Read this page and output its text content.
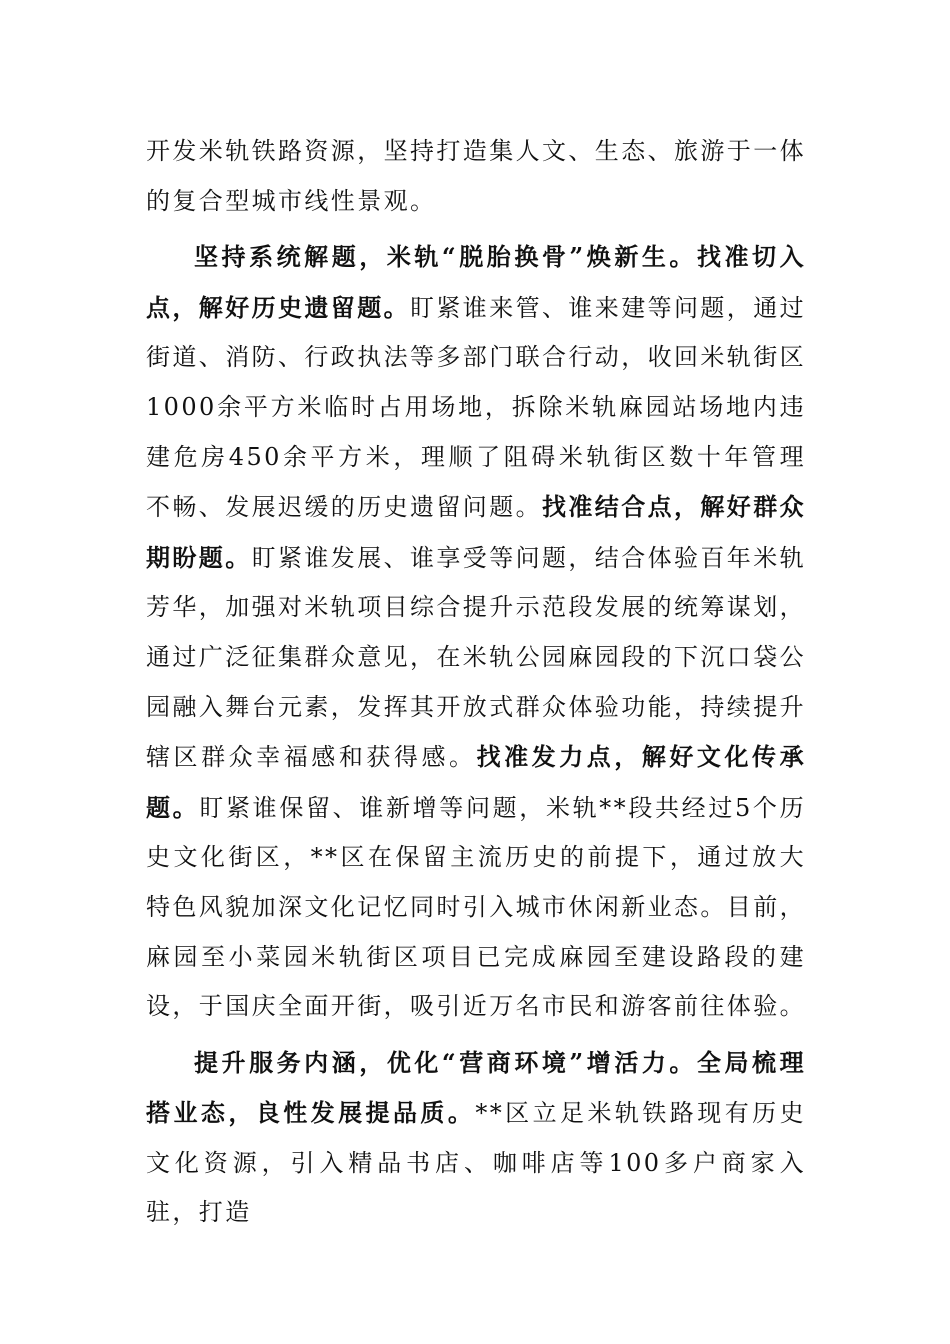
开发米轨铁路资源，坚持打造集人文、生态、旅游于一体的复合型城市线性景观。

坚持系统解题，米轨“脱胎换骨”焕新生。找准切入点，解好历史遗留题。盯紧谁来管、谁来建等问题，通过街道、消防、行政执法等多部门联合行动，收回米轨街区1000余平方米临时占用场地，拆除米轨麻园站场地内违建危房450余平方米，理顺了阻碍米轨街区数十年管理不畅、发展迟缓的历史遗留问题。找准结合点，解好群众期盼题。盯紧谁发展、谁享受等问题，结合体验百年米轨芳华，加强对米轨项目综合提升示范段发展的统筹谋划，通过广泛征集群众意见，在米轨公园麻园段的下沉口袋公园融入舞台元素，发挥其开放式群众体验功能，持续提升辖区群众幸福感和获得感。找准发力点，解好文化传承题。盯紧谁保留、谁新增等问题，米轨**段共经过5个历史文化街区，**区在保留主流历史的前提下，通过放大特色风貌加深文化记忆同时引入城市休闲新业态。目前，麻园至小菜园米轨街区项目已完成麻园至建设路段的建设，于国庆全面开街，吸引近万名市民和游客前往体验。

提升服务内涵，优化“营商环境”增活力。全局梳理搭业态，良性发展提品质。**区立足米轨铁路现有历史文化资源，引入精品书店、咖啡店等100多户商家入驻，打造
